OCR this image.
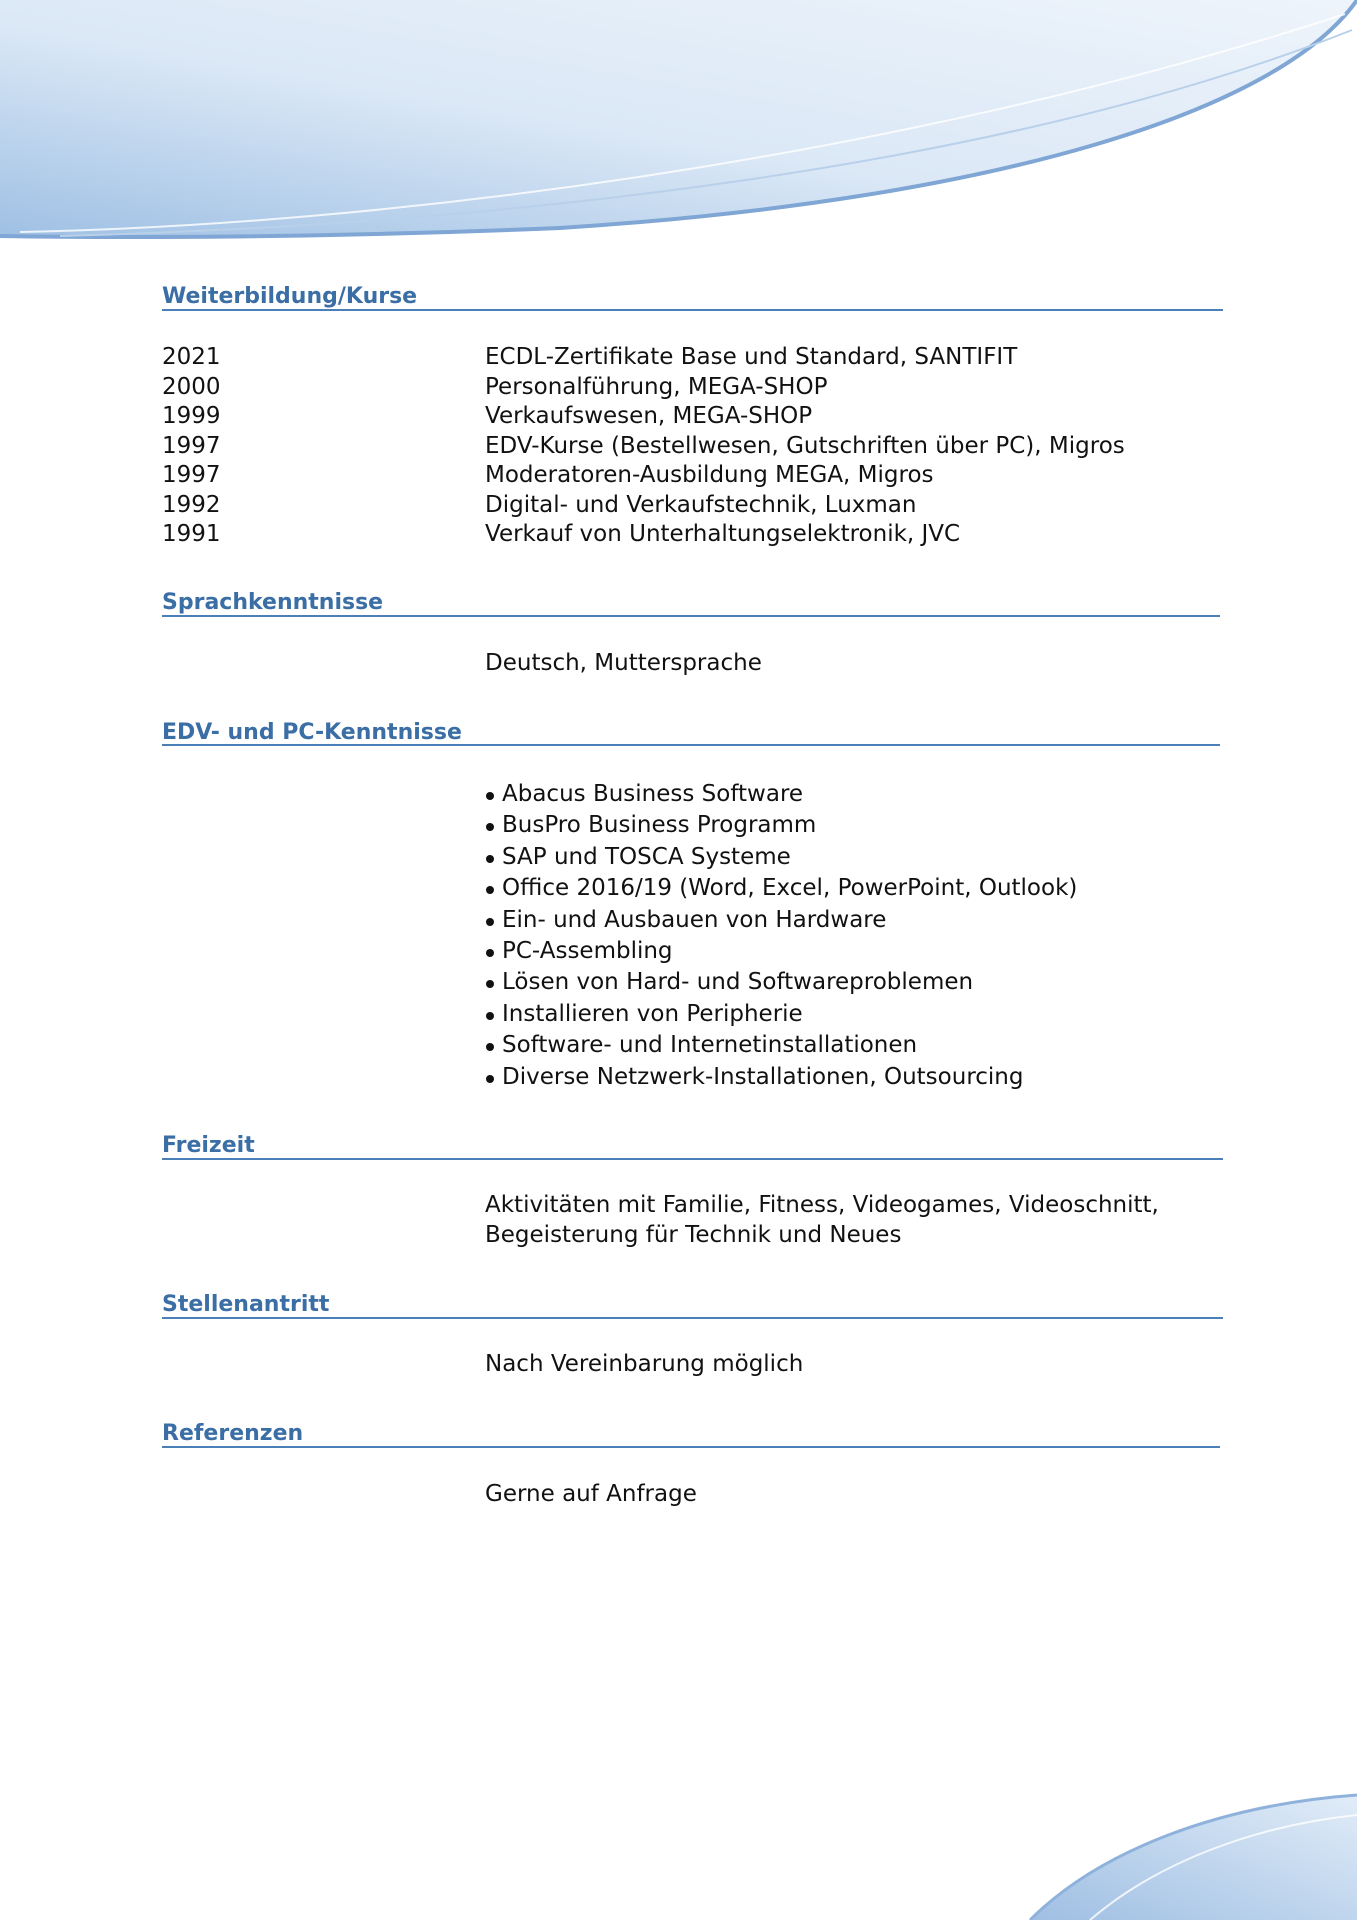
Weiterbildung/Kurse
2021	ECDL-Zertifikate Base und Standard, SANTIFIT
2000	Personalführung, MEGA-SHOP
1999	Verkaufswesen, MEGA-SHOP
1997	EDV-Kurse (Bestellwesen, Gutschriften über PC), Migros
1997	Moderatoren-Ausbildung MEGA, Migros
1992	Digital- und Verkaufstechnik, Luxman
1991	Verkauf von Unterhaltungselektronik, JVC
Sprachkenntnisse
Deutsch, Muttersprache
EDV- und PC-Kenntnisse
Abacus Business Software
BusPro Business Programm
SAP und TOSCA Systeme
Office 2016/19 (Word, Excel, PowerPoint, Outlook)
Ein- und Ausbauen von Hardware
PC-Assembling
Lösen von Hard- und Softwareproblemen
Installieren von Peripherie
Software- und Internetinstallationen
Diverse Netzwerk-Installationen, Outsourcing
Freizeit
Aktivitäten mit Familie, Fitness, Videogames, Videoschnitt,
Begeisterung für Technik und Neues
Stellenantritt
Nach Vereinbarung möglich
Referenzen
Gerne auf Anfrage
